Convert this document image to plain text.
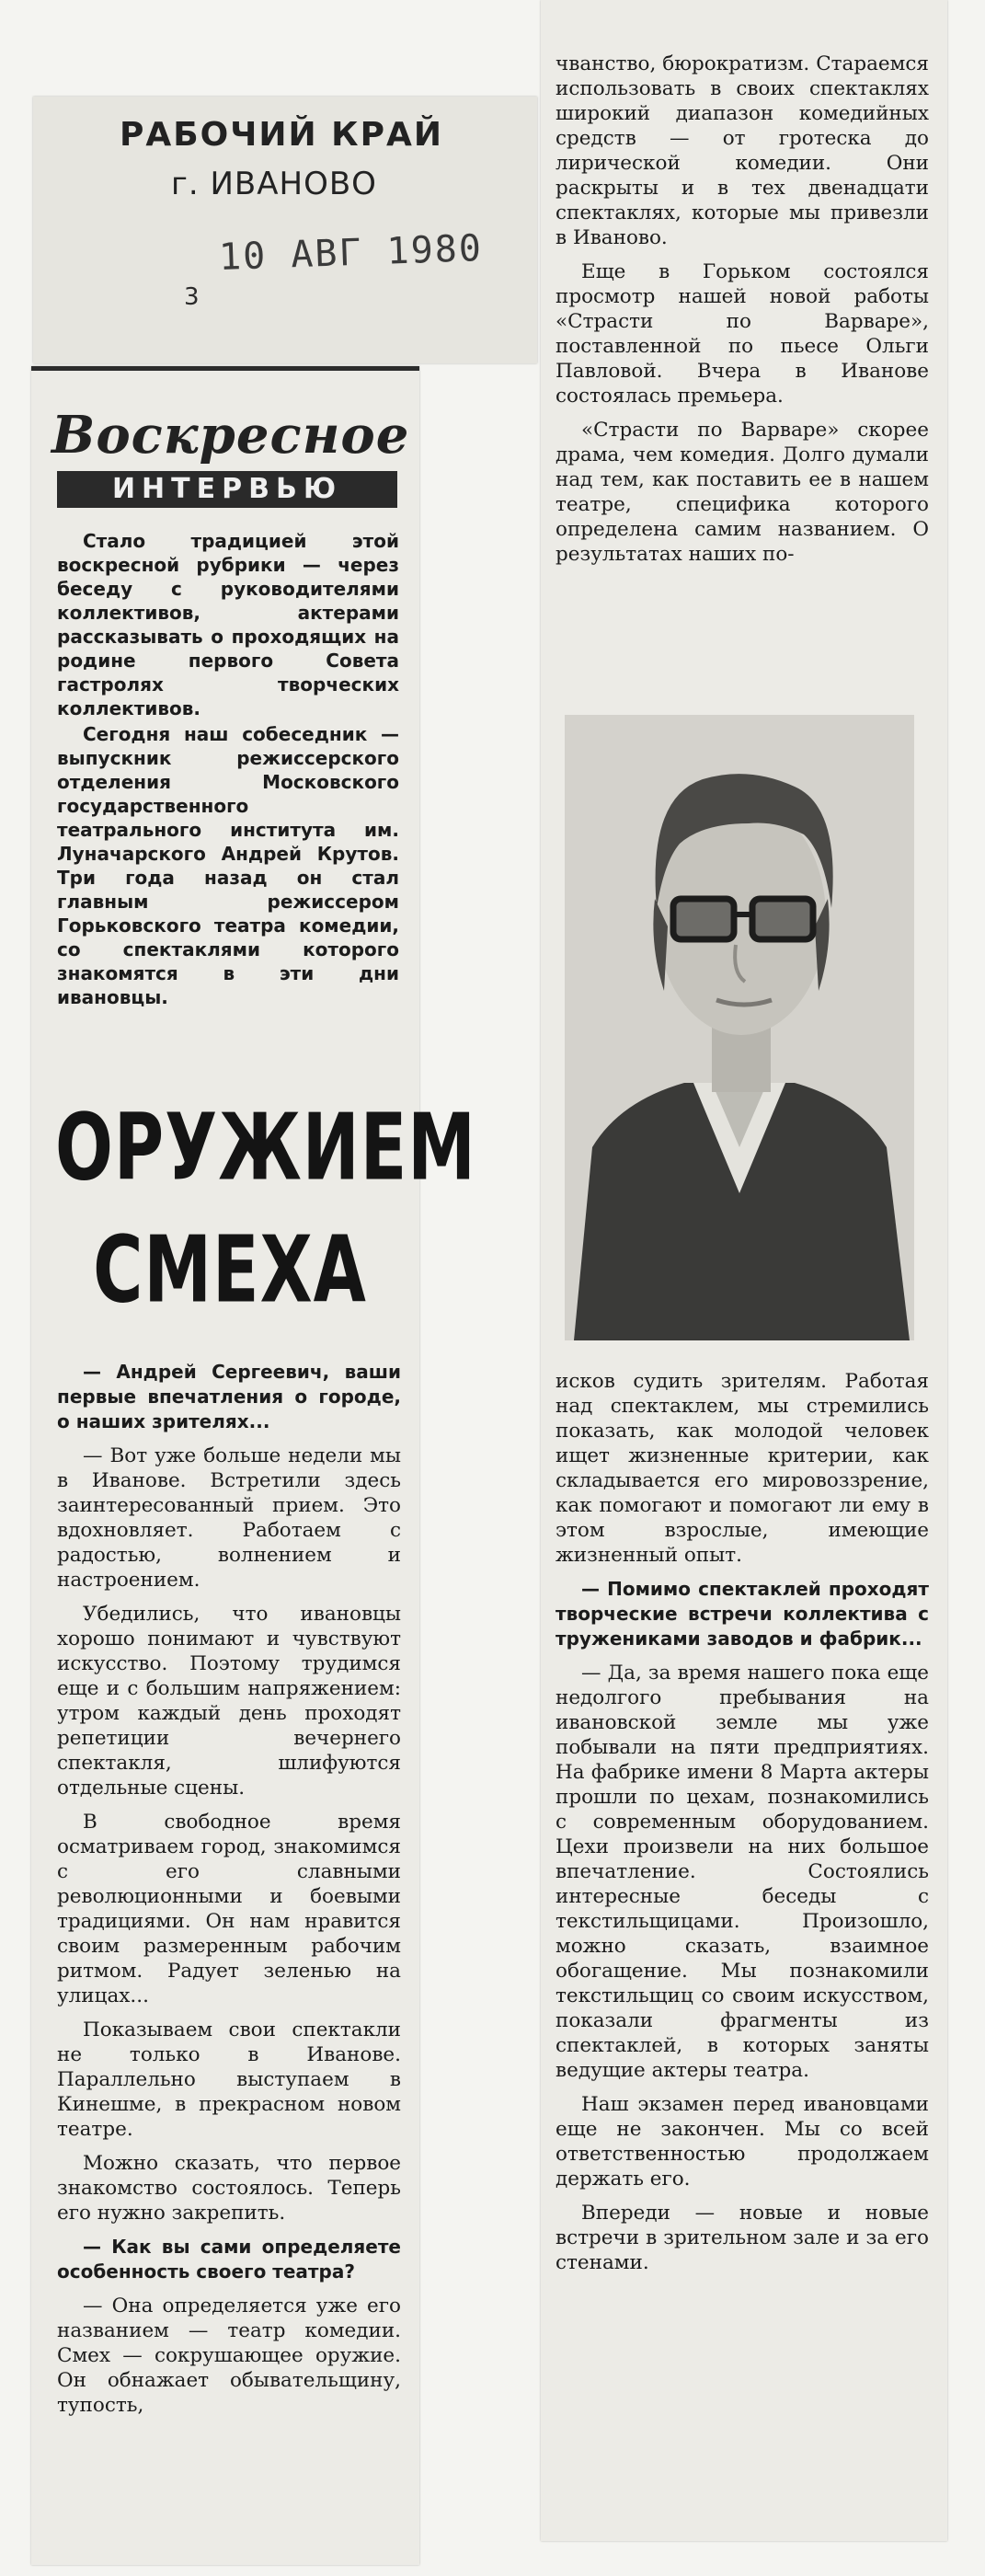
РАБОЧИЙ КРАЙ
г. ИВАНОВО
10 АВГ 1980
3
Воскресное
ИНТЕРВЬЮ

Стало традицией этой воскресной рубрики — через беседу с руководителями коллективов, актерами рассказывать о проходящих на родине первого Совета гастролях творческих коллективов.

Сегодня наш собеседник — выпускник режиссерского отделения Московского государственного театрального института им. Луначарского Андрей Крутов. Три года назад он стал главным режиссером Горьковского театра комедии, со спектаклями которого знакомятся в эти дни ивановцы.

ОРУЖИЕМ
СМЕХА

— Андрей Сергеевич, ваши первые впечатления о городе, о наших зрителях...

— Вот уже больше недели мы в Иванове. Встретили здесь заинтересованный прием. Это вдохновляет. Работаем с радостью, волнением и настроением.

Убедились, что ивановцы хорошо понимают и чувствуют искусство. Поэтому трудимся еще и с большим напряжением: утром каждый день проходят репетиции вечернего спектакля, шлифуются отдельные сцены.

В свободное время осматриваем город, знакомимся с его славными революционными и боевыми традициями. Он нам нравится своим размеренным рабочим ритмом. Радует зеленью на улицах...

Показываем свои спектакли не только в Иванове. Параллельно выступаем в Кинешме, в прекрасном новом театре.

Можно сказать, что первое знакомство состоялось. Теперь его нужно закрепить.

— Как вы сами определяете особенность своего театра?

— Она определяется уже его названием — театр комедии. Смех — сокрушающее оружие. Он обнажает обывательщину, тупость,

чванство, бюрократизм. Стараемся использовать в своих спектаклях широкий диапазон комедийных средств — от гротеска до лирической комедии. Они раскрыты и в тех двенадцати спектаклях, которые мы привезли в Иваново.

Еще в Горьком состоялся просмотр нашей новой работы «Страсти по Варваре», поставленной по пьесе Ольги Павловой. Вчера в Иванове состоялась премьера.

«Страсти по Варваре» скорее драма, чем комедия. Долго думали над тем, как поставить ее в нашем театре, специфика которого определена самим названием. О результатах наших по-

исков судить зрителям. Работая над спектаклем, мы стремились показать, как молодой человек ищет жизненные критерии, как складывается его мировоззрение, как помогают и помогают ли ему в этом взрослые, имеющие жизненный опыт.

— Помимо спектаклей проходят творческие встречи коллектива с тружениками заводов и фабрик...

— Да, за время нашего пока еще недолгого пребывания на ивановской земле мы уже побывали на пяти предприятиях. На фабрике имени 8 Марта актеры прошли по цехам, познакомились с современным оборудованием. Цехи произвели на них большое впечатление. Состоялись интересные беседы с текстильщицами. Произошло, можно сказать, взаимное обогащение. Мы познакомили текстильщиц со своим искусством, показали фрагменты из спектаклей, в которых заняты ведущие актеры театра.

Наш экзамен перед ивановцами еще не закончен. Мы со всей ответственностью продолжаем держать его.

Впереди — новые и новые встречи в зрительном зале и за его стенами.
